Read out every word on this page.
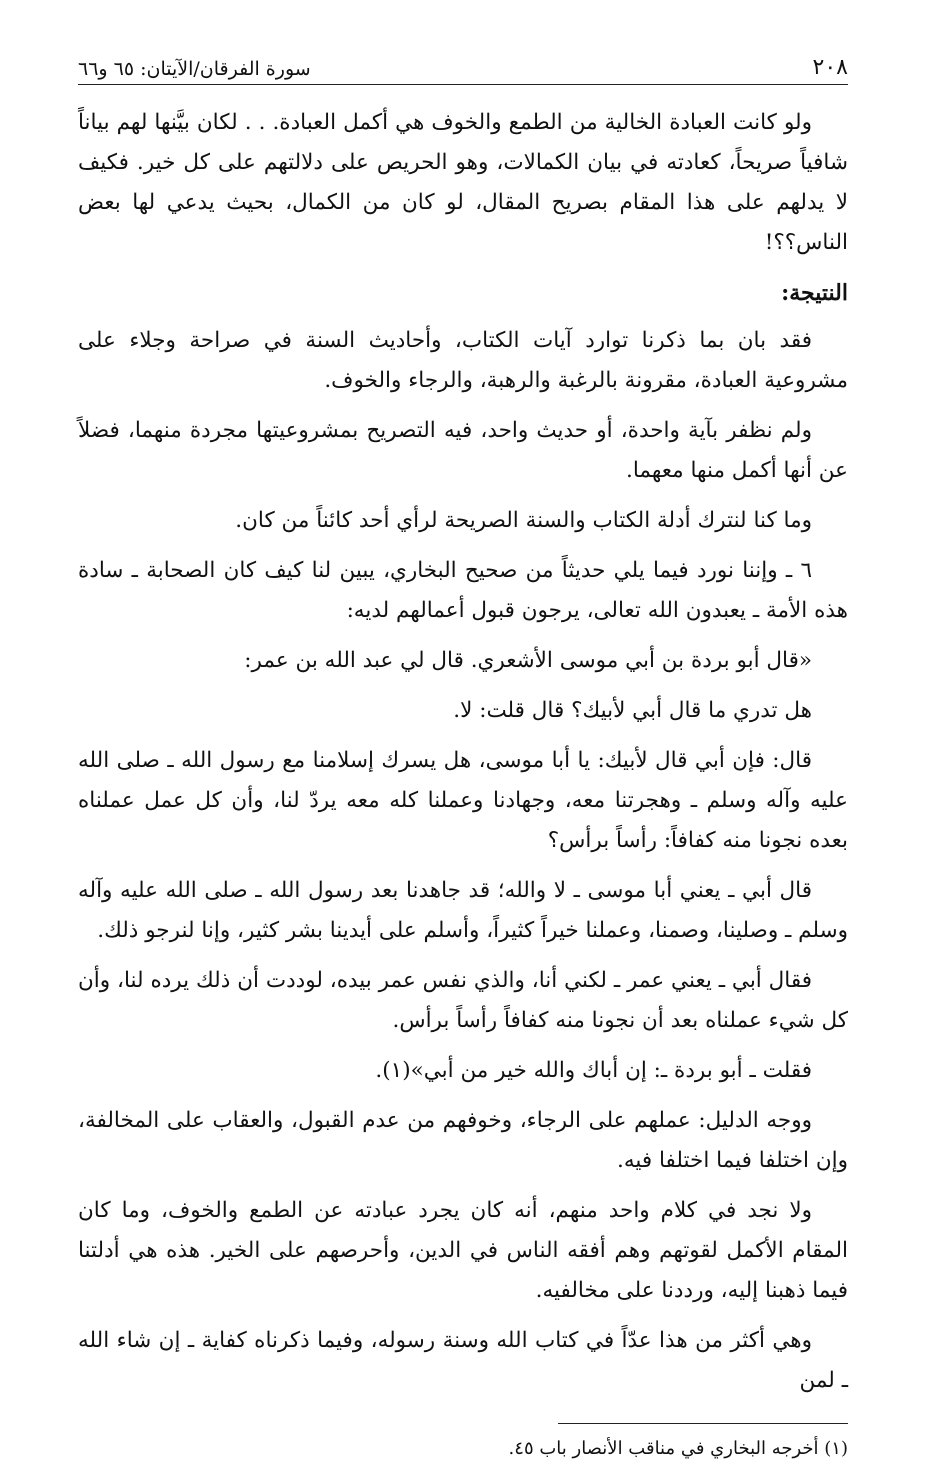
٢٠٨
سورة الفرقان/الآيتان: ٦٥ و٦٦

ولو كانت العبادة الخالية من الطمع والخوف هي أكمل العبادة. . . لكان بيَّنها لهم بياناً شافياً صريحاً، كعادته في بيان الكمالات، وهو الحريص على دلالتهم على كل خير. فكيف لا يدلهم على هذا المقام بصريح المقال، لو كان من الكمال، بحيث يدعي لها بعض الناس؟؟!

النتيجة:

فقد بان بما ذكرنا توارد آيات الكتاب، وأحاديث السنة في صراحة وجلاء على مشروعية العبادة، مقرونة بالرغبة والرهبة، والرجاء والخوف.

ولم نظفر بآية واحدة، أو حديث واحد، فيه التصريح بمشروعيتها مجردة منهما، فضلاً عن أنها أكمل منها معهما.

وما كنا لنترك أدلة الكتاب والسنة الصريحة لرأي أحد كائناً من كان.

٦ ـ وإننا نورد فيما يلي حديثاً من صحيح البخاري، يبين لنا كيف كان الصحابة ـ سادة هذه الأمة ـ يعبدون الله تعالى، يرجون قبول أعمالهم لديه:

«قال أبو بردة بن أبي موسى الأشعري. قال لي عبد الله بن عمر:

هل تدري ما قال أبي لأبيك؟ قال قلت: لا.

قال: فإن أبي قال لأبيك: يا أبا موسى، هل يسرك إسلامنا مع رسول الله ـ صلى الله عليه وآله وسلم ـ وهجرتنا معه، وجهادنا وعملنا كله معه يردّ لنا، وأن كل عمل عملناه بعده نجونا منه كفافاً: رأساً برأس؟

قال أبي ـ يعني أبا موسى ـ لا والله؛ قد جاهدنا بعد رسول الله ـ صلى الله عليه وآله وسلم ـ وصلينا، وصمنا، وعملنا خيراً كثيراً، وأسلم على أيدينا بشر كثير، وإنا لنرجو ذلك.

فقال أبي ـ يعني عمر ـ لكني أنا، والذي نفس عمر بيده، لوددت أن ذلك يرده لنا، وأن كل شيء عملناه بعد أن نجونا منه كفافاً رأساً برأس.

فقلت ـ أبو بردة ـ: إن أباك والله خير من أبي»(١).

ووجه الدليل: عملهم على الرجاء، وخوفهم من عدم القبول، والعقاب على المخالفة، وإن اختلفا فيما اختلفا فيه.

ولا نجد في كلام واحد منهم، أنه كان يجرد عبادته عن الطمع والخوف، وما كان المقام الأكمل لقوتهم وهم أفقه الناس في الدين، وأحرصهم على الخير. هذه هي أدلتنا فيما ذهبنا إليه، ورددنا على مخالفيه.

وهي أكثر من هذا عدّاً في كتاب الله وسنة رسوله، وفيما ذكرناه كفاية ـ إن شاء الله ـ لمن

(١) أخرجه البخاري في مناقب الأنصار باب ٤٥.
